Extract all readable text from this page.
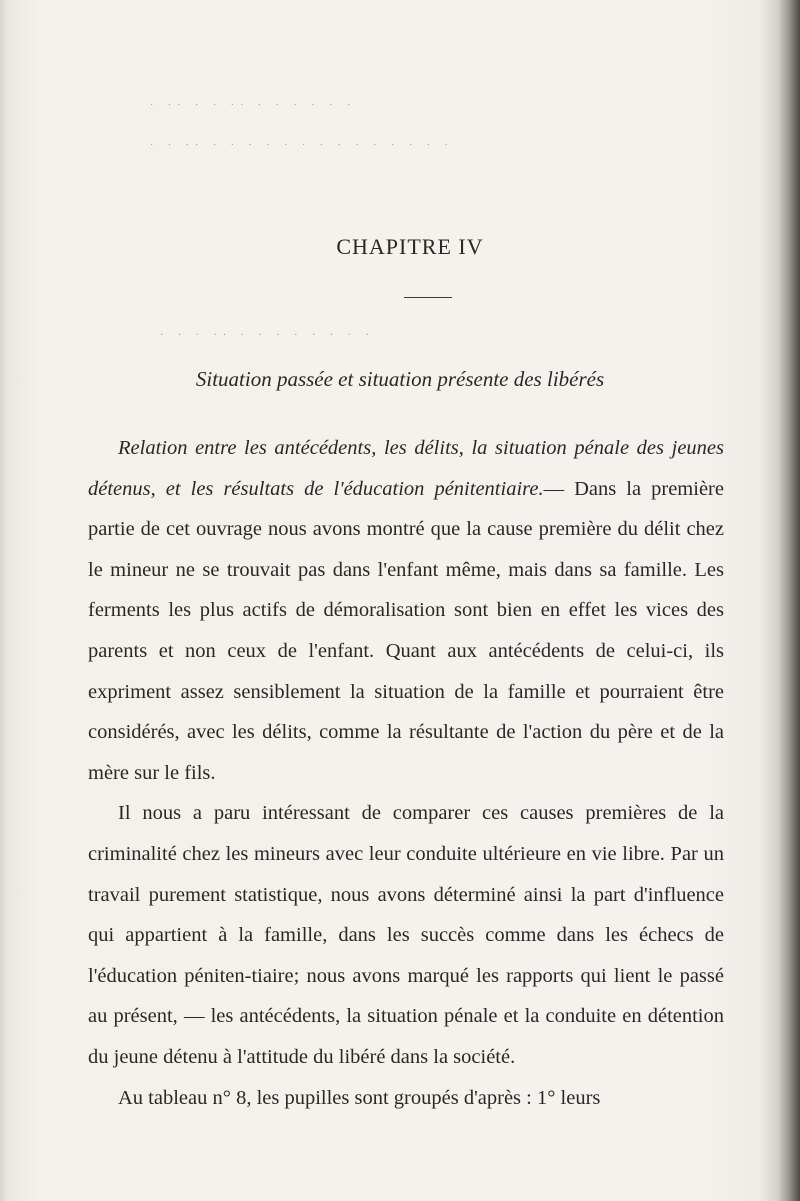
· ·· · · ·· · · · · · ·
· · ·· · · · · · · · · · · · · · ·
· · · ·· · · · · · · · ·
CHAPITRE IV
Situation passée et situation présente des libérés

Relation entre les antécédents, les délits, la situation pénale des jeunes détenus, et les résultats de l'éducation pénitentiaire.— Dans la première partie de cet ouvrage nous avons montré que la cause première du délit chez le mineur ne se trouvait pas dans l'enfant même, mais dans sa famille. Les ferments les plus actifs de démoralisation sont bien en effet les vices des parents et non ceux de l'enfant. Quant aux antécédents de celui-ci, ils expriment assez sensiblement la situation de la famille et pourraient être considérés, avec les délits, comme la résultante de l'action du père et de la mère sur le fils.

Il nous a paru intéressant de comparer ces causes premières de la criminalité chez les mineurs avec leur conduite ultérieure en vie libre. Par un travail purement statistique, nous avons déterminé ainsi la part d'influence qui appartient à la famille, dans les succès comme dans les échecs de l'éducation péniten-tiaire; nous avons marqué les rapports qui lient le passé au présent, — les antécédents, la situation pénale et la conduite en détention du jeune détenu à l'attitude du libéré dans la société.

Au tableau n° 8, les pupilles sont groupés d'après : 1° leurs
